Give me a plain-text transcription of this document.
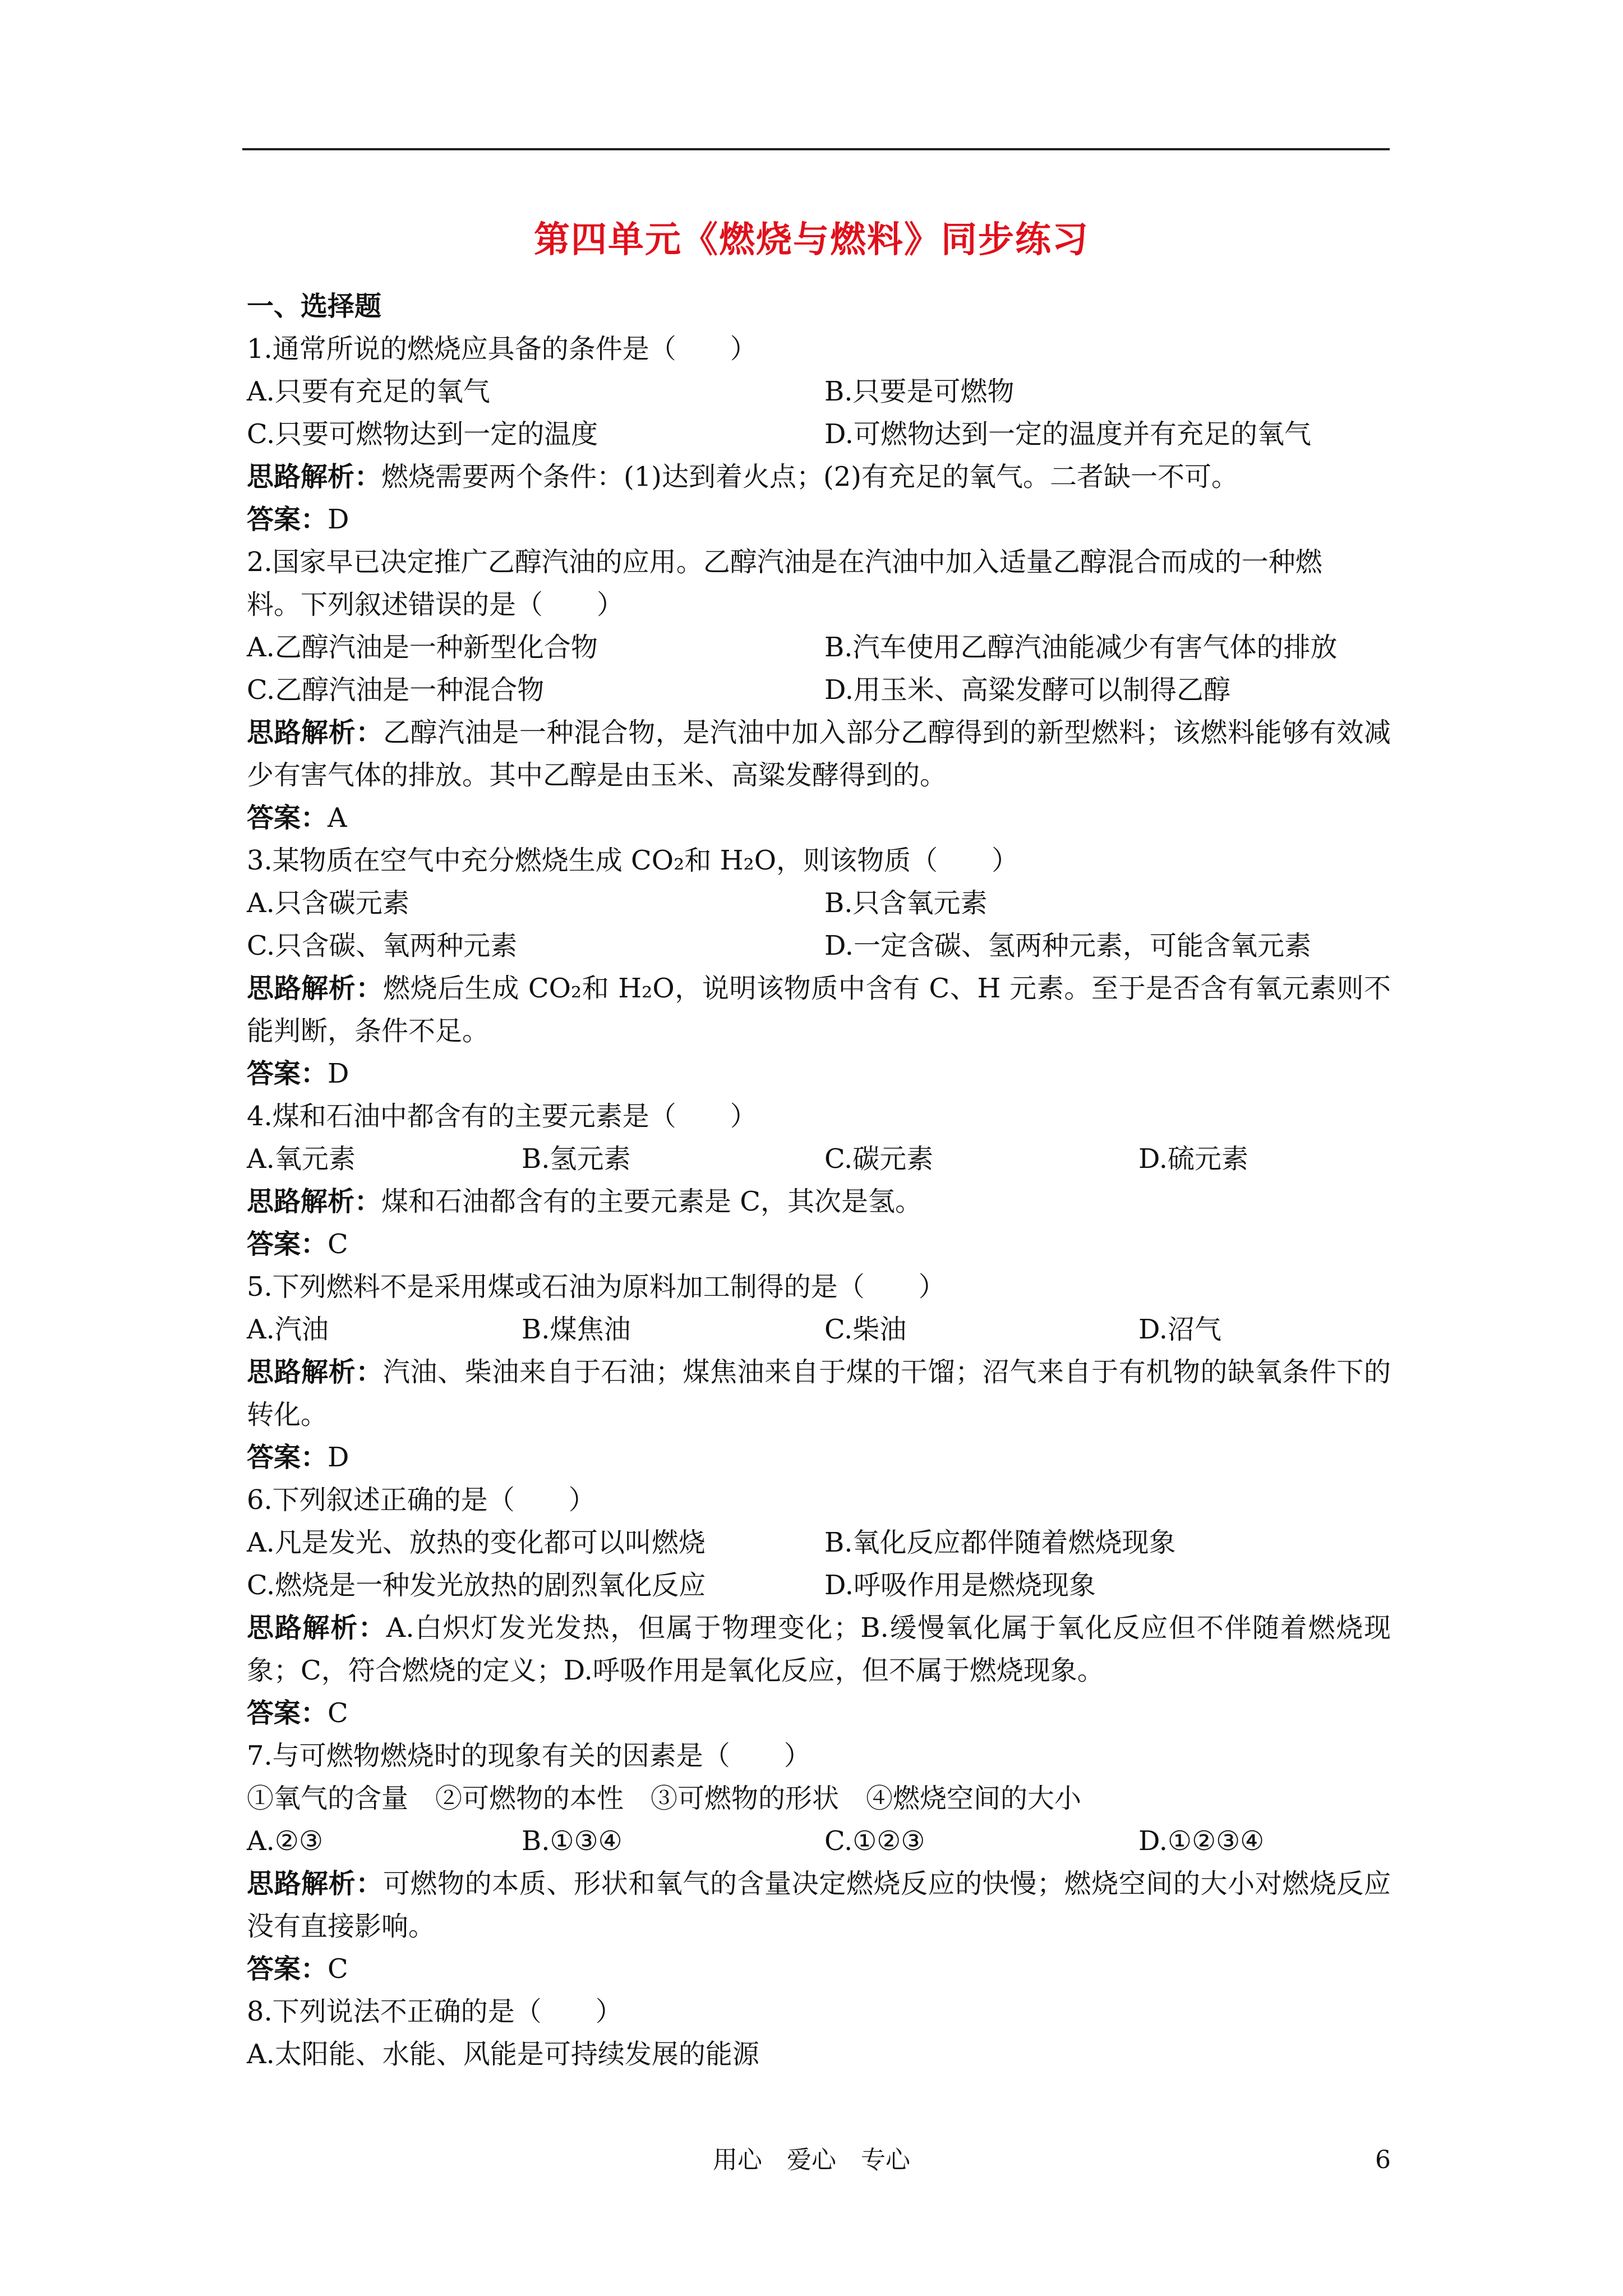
第四单元《燃烧与燃料》同步练习
一、选择题
1.通常所说的燃烧应具备的条件是（　　）
A.只要有充足的氧气	B.只要是可燃物
C.只要可燃物达到一定的温度	D.可燃物达到一定的温度并有充足的氧气
思路解析：燃烧需要两个条件：(1)达到着火点；(2)有充足的氧气。二者缺一不可。
答案：D
2.国家早已决定推广乙醇汽油的应用。乙醇汽油是在汽油中加入适量乙醇混合而成的一种燃
料。下列叙述错误的是（　　）
A.乙醇汽油是一种新型化合物	B.汽车使用乙醇汽油能减少有害气体的排放
C.乙醇汽油是一种混合物	D.用玉米、高粱发酵可以制得乙醇
思路解析：乙醇汽油是一种混合物，是汽油中加入部分乙醇得到的新型燃料；该燃料能够有效减少有害气体的排放。其中乙醇是由玉米、高粱发酵得到的。
答案：A
3.某物质在空气中充分燃烧生成 CO₂和 H₂O，则该物质（　　）
A.只含碳元素	B.只含氧元素
C.只含碳、氧两种元素	D.一定含碳、氢两种元素，可能含氧元素
思路解析：燃烧后生成 CO₂和 H₂O，说明该物质中含有 C、H 元素。至于是否含有氧元素则不能判断，条件不足。
答案：D
4.煤和石油中都含有的主要元素是（　　）
A.氧元素	B.氢元素	C.碳元素	D.硫元素
思路解析：煤和石油都含有的主要元素是 C，其次是氢。
答案：C
5.下列燃料不是采用煤或石油为原料加工制得的是（　　）
A.汽油	B.煤焦油	C.柴油	D.沼气
思路解析：汽油、柴油来自于石油；煤焦油来自于煤的干馏；沼气来自于有机物的缺氧条件下的转化。
答案：D
6.下列叙述正确的是（　　）
A.凡是发光、放热的变化都可以叫燃烧	B.氧化反应都伴随着燃烧现象
C.燃烧是一种发光放热的剧烈氧化反应	D.呼吸作用是燃烧现象
思路解析：A.白炽灯发光发热，但属于物理变化；B.缓慢氧化属于氧化反应但不伴随着燃烧现象；C，符合燃烧的定义；D.呼吸作用是氧化反应，但不属于燃烧现象。
答案：C
7.与可燃物燃烧时的现象有关的因素是（　　）
①氧气的含量　②可燃物的本性　③可燃物的形状　④燃烧空间的大小
A.②③	B.①③④	C.①②③	D.①②③④
思路解析：可燃物的本质、形状和氧气的含量决定燃烧反应的快慢；燃烧空间的大小对燃烧反应没有直接影响。
答案：C
8.下列说法不正确的是（　　）
A.太阳能、水能、风能是可持续发展的能源
用心　爱心　专心	6
